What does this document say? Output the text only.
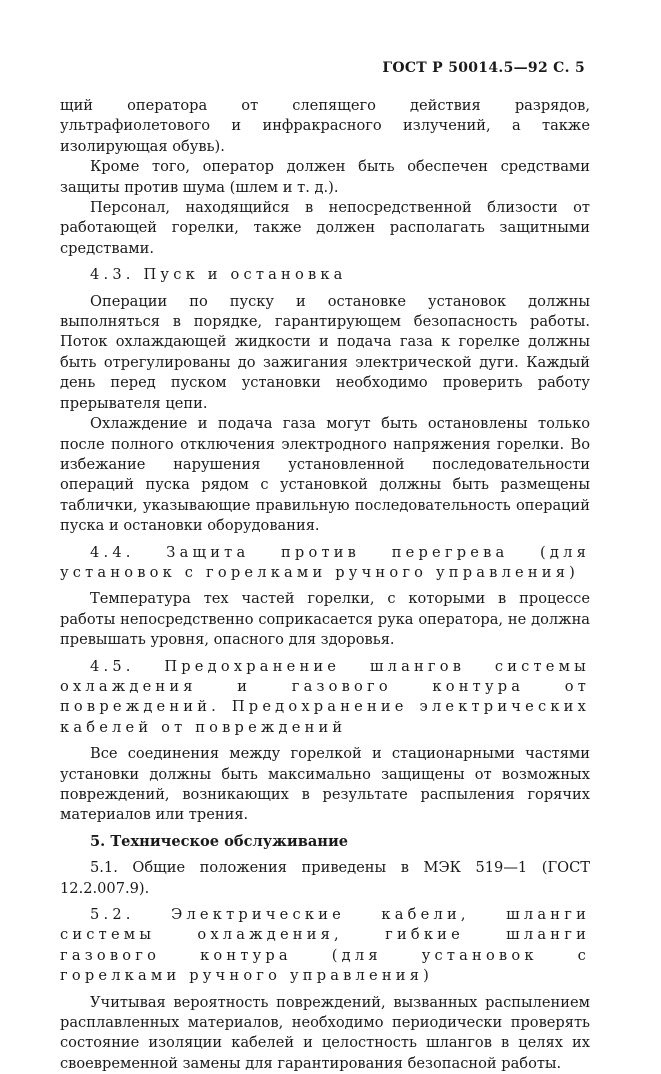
ГОСТ Р 50014.5—92 С. 5

щий оператора от слепящего действия разрядов, ультрафиолетового и инфракрасного излучений, а также изолирующая обувь).

Кроме того, оператор должен быть обеспечен средствами защиты против шума (шлем и т. д.).

Персонал, находящийся в непосредственной близости от работающей горелки, также должен располагать защитными средствами.

4.3. Пуск и остановка

Операции по пуску и остановке установок должны выполняться в порядке, гарантирующем безопасность работы. Поток охлаждающей жидкости и подача газа к горелке должны быть отрегулированы до зажигания электрической дуги. Каждый день перед пуском установки необходимо проверить работу прерывателя цепи.

Охлаждение и подача газа могут быть остановлены только после полного отключения электродного напряжения горелки. Во избежание нарушения установленной последовательности операций пуска рядом с установкой должны быть размещены таблички, указывающие правильную последовательность операций пуска и остановки оборудования.

4.4. Защита против перегрева (для установок с горелками ручного управления)

Температура тех частей горелки, с которыми в процессе работы непосредственно соприкасается рука оператора, не должна превышать уровня, опасного для здоровья.

4.5. Предохранение шлангов системы охлаждения и газового контура от повреждений. Предохранение электрических кабелей от повреждений

Все соединения между горелкой и стационарными частями установки должны быть максимально защищены от возможных повреждений, возникающих в результате распыления горячих материалов или трения.

5. Техническое обслуживание

5.1. Общие положения приведены в МЭК 519—1 (ГОСТ 12.2.007.9).

5.2. Электрические кабели, шланги системы охлаждения, гибкие шланги газового контура (для установок с горелками ручного управления)

Учитывая вероятность повреждений, вызванных распылением расплавленных материалов, необходимо периодически проверять состояние изоляции кабелей и целостность шлангов в целях их своевременной замены для гарантирования безопасной работы.
